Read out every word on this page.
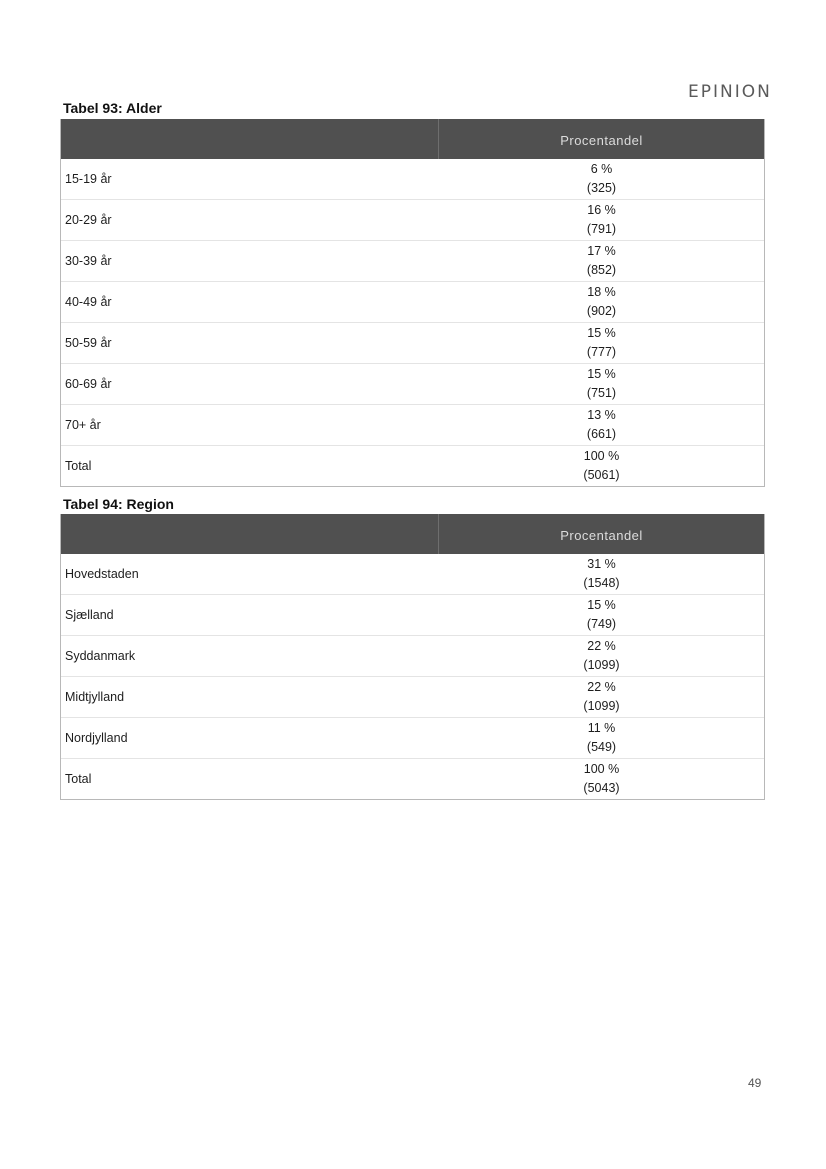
EPINION
Tabel 93: Alder
Procentandel
15-19 år
6 %
(325)
20-29 år
16 %
(791)
30-39 år
17 %
(852)
40-49 år
18 %
(902)
50-59 år
15 %
(777)
60-69 år
15 %
(751)
70+ år
13 %
(661)
Total
100 %
(5061)
Tabel 94: Region
Procentandel
Hovedstaden
31 %
(1548)
Sjælland
15 %
(749)
Syddanmark
22 %
(1099)
Midtjylland
22 %
(1099)
Nordjylland
11 %
(549)
Total
100 %
(5043)
49
